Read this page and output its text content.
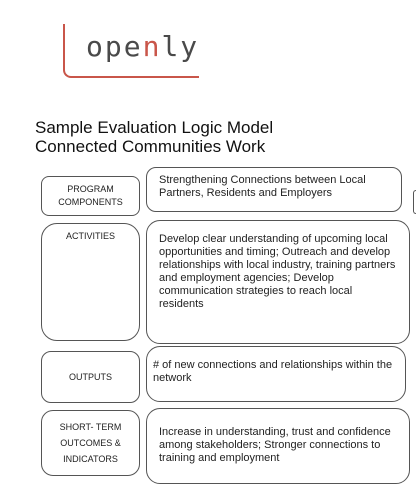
openly
Sample Evaluation Logic Model
Connected Communities Work
PROGRAM
COMPONENTS
Strengthening Connections between Local Partners, Residents and Employers
ACTIVITIES	Develop clear understanding of upcoming local opportunities and timing; Outreach and develop relationships with local industry, training partners and employment agencies; Develop communication strategies to reach local residents
OUTPUTS
# of new connections and relationships within the network
SHORT- TERM
OUTCOMES &
INDICATORS
Increase in understanding, trust and confidence among stakeholders; Stronger connections to training and employment
